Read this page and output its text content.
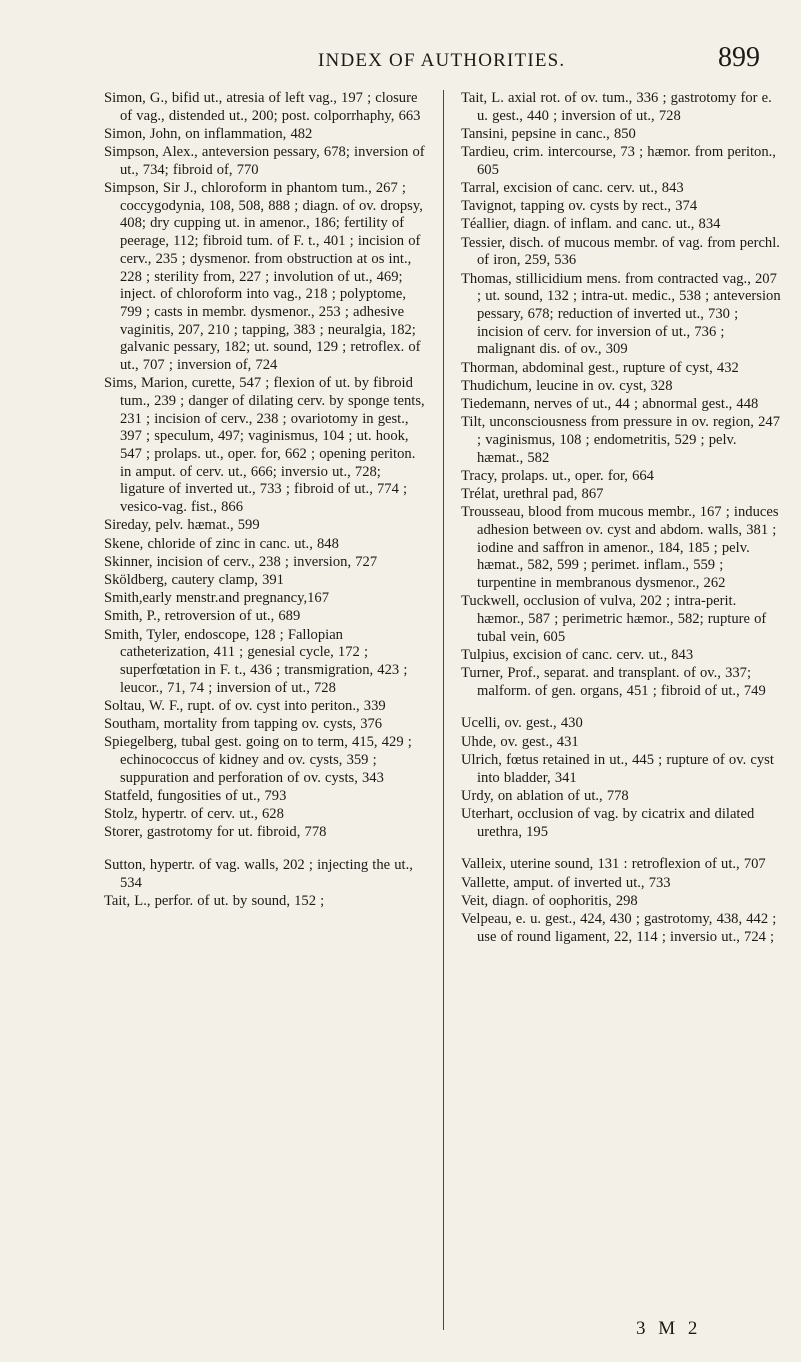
INDEX OF AUTHORITIES.	899

Simon, G., bifid ut., atresia of left vag., 197 ; closure of vag., distended ut., 200; post. colporrhaphy, 663

Simon, John, on inflammation, 482

Simpson, Alex., anteversion pessary, 678; inversion of ut., 734; fibroid of, 770

Simpson, Sir J., chloroform in phantom tum., 267 ; coccygodynia, 108, 508, 888 ; diagn. of ov. dropsy, 408; dry cupping ut. in amenor., 186; fertility of peerage, 112; fibroid tum. of F. t., 401 ; incision of cerv., 235 ; dysmenor. from obstruction at os int., 228 ; sterility from, 227 ; involution of ut., 469; inject. of chloroform into vag., 218 ; polyptome, 799 ; casts in membr. dysmenor., 253 ; adhesive vaginitis, 207, 210 ; tapping, 383 ; neuralgia, 182; galvanic pessary, 182; ut. sound, 129 ; retroflex. of ut., 707 ; inversion of, 724

Sims, Marion, curette, 547 ; flexion of ut. by fibroid tum., 239 ; danger of dilating cerv. by sponge tents, 231 ; incision of cerv., 238 ; ovariotomy in gest., 397 ; speculum, 497; vaginismus, 104 ; ut. hook, 547 ; prolaps. ut., oper. for, 662 ; opening periton. in amput. of cerv. ut., 666; inversio ut., 728; ligature of inverted ut., 733 ; fibroid of ut., 774 ; vesico-vag. fist., 866

Sireday, pelv. hæmat., 599

Skene, chloride of zinc in canc. ut., 848

Skinner, incision of cerv., 238 ; inversion, 727

Sköldberg, cautery clamp, 391

Smith,early menstr.and pregnancy,167

Smith, P., retroversion of ut., 689

Smith, Tyler, endoscope, 128 ; Fallopian catheterization, 411 ; genesial cycle, 172 ; superfœtation in F. t., 436 ; transmigration, 423 ; leucor., 71, 74 ; inversion of ut., 728

Soltau, W. F., rupt. of ov. cyst into periton., 339

Southam, mortality from tapping ov. cysts, 376

Spiegelberg, tubal gest. going on to term, 415, 429 ; echinococcus of kidney and ov. cysts, 359 ; suppuration and perforation of ov. cysts, 343

Statfeld, fungosities of ut., 793

Stolz, hypertr. of cerv. ut., 628

Storer, gastrotomy for ut. fibroid, 778

Sutton, hypertr. of vag. walls, 202 ; injecting the ut., 534

Tait, L., perfor. of ut. by sound, 152 ;

Tait, L. axial rot. of ov. tum., 336 ; gastrotomy for e. u. gest., 440 ; inversion of ut., 728

Tansini, pepsine in canc., 850

Tardieu, crim. intercourse, 73 ; hæmor. from periton., 605

Tarral, excision of canc. cerv. ut., 843

Tavignot, tapping ov. cysts by rect., 374

Téallier, diagn. of inflam. and canc. ut., 834

Tessier, disch. of mucous membr. of vag. from perchl. of iron, 259, 536

Thomas, stillicidium mens. from contracted vag., 207 ; ut. sound, 132 ; intra-ut. medic., 538 ; anteversion pessary, 678; reduction of inverted ut., 730 ; incision of cerv. for inversion of ut., 736 ; malignant dis. of ov., 309

Thorman, abdominal gest., rupture of cyst, 432

Thudichum, leucine in ov. cyst, 328

Tiedemann, nerves of ut., 44 ; abnormal gest., 448

Tilt, unconsciousness from pressure in ov. region, 247 ; vaginismus, 108 ; endometritis, 529 ; pelv. hæmat., 582

Tracy, prolaps. ut., oper. for, 664

Trélat, urethral pad, 867

Trousseau, blood from mucous membr., 167 ; induces adhesion between ov. cyst and abdom. walls, 381 ; iodine and saffron in amenor., 184, 185 ; pelv. hæmat., 582, 599 ; perimet. inflam., 559 ; turpentine in membranous dysmenor., 262

Tuckwell, occlusion of vulva, 202 ; intra-perit. hæmor., 587 ; perimetric hæmor., 582; rupture of tubal vein, 605

Tulpius, excision of canc. cerv. ut., 843

Turner, Prof., separat. and transplant. of ov., 337; malform. of gen. organs, 451 ; fibroid of ut., 749

Ucelli, ov. gest., 430

Uhde, ov. gest., 431

Ulrich, fœtus retained in ut., 445 ; rupture of ov. cyst into bladder, 341

Urdy, on ablation of ut., 778

Uterhart, occlusion of vag. by cicatrix and dilated urethra, 195

Valleix, uterine sound, 131 : retroflexion of ut., 707

Vallette, amput. of inverted ut., 733

Veit, diagn. of oophoritis, 298

Velpeau, e. u. gest., 424, 430 ; gastrotomy, 438, 442 ; use of round ligament, 22, 114 ; inversio ut., 724 ;

3 M 2
